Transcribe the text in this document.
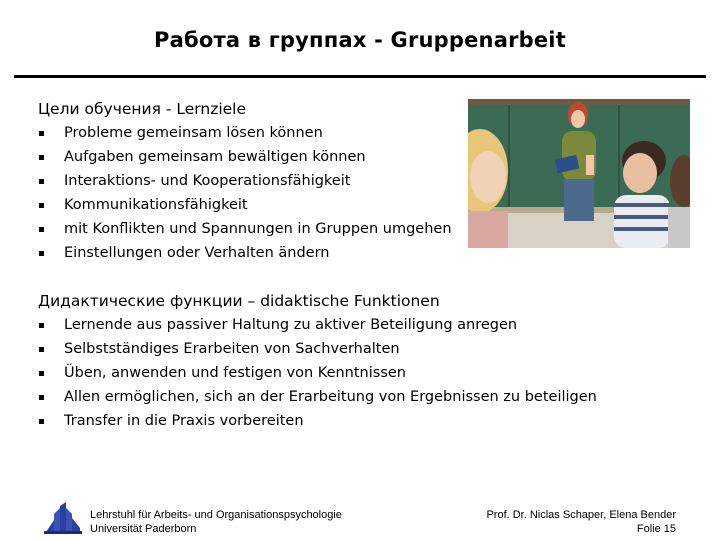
Работа в группах - Gruppenarbeit
Цели обучения - Lernziele
Probleme gemeinsam lösen können
Aufgaben gemeinsam bewältigen können
Interaktions- und Kooperationsfähigkeit
Kommunikationsfähigkeit
mit Konflikten und Spannungen in Gruppen umgehen
Einstellungen oder Verhalten ändern
Дидактические функции – didaktische Funktionen
Lernende aus passiver Haltung zu aktiver Beteiligung anregen
Selbstständiges Erarbeiten von Sachverhalten
Üben, anwenden und festigen von Kenntnissen
Allen ermöglichen, sich an der Erarbeitung von Ergebnissen zu beteiligen
Transfer in die Praxis vorbereiten
Lehrstuhl für Arbeits- und Organisationspsychologie
Universität Paderborn
Prof. Dr. Niclas Schaper, Elena Bender
Folie 15
